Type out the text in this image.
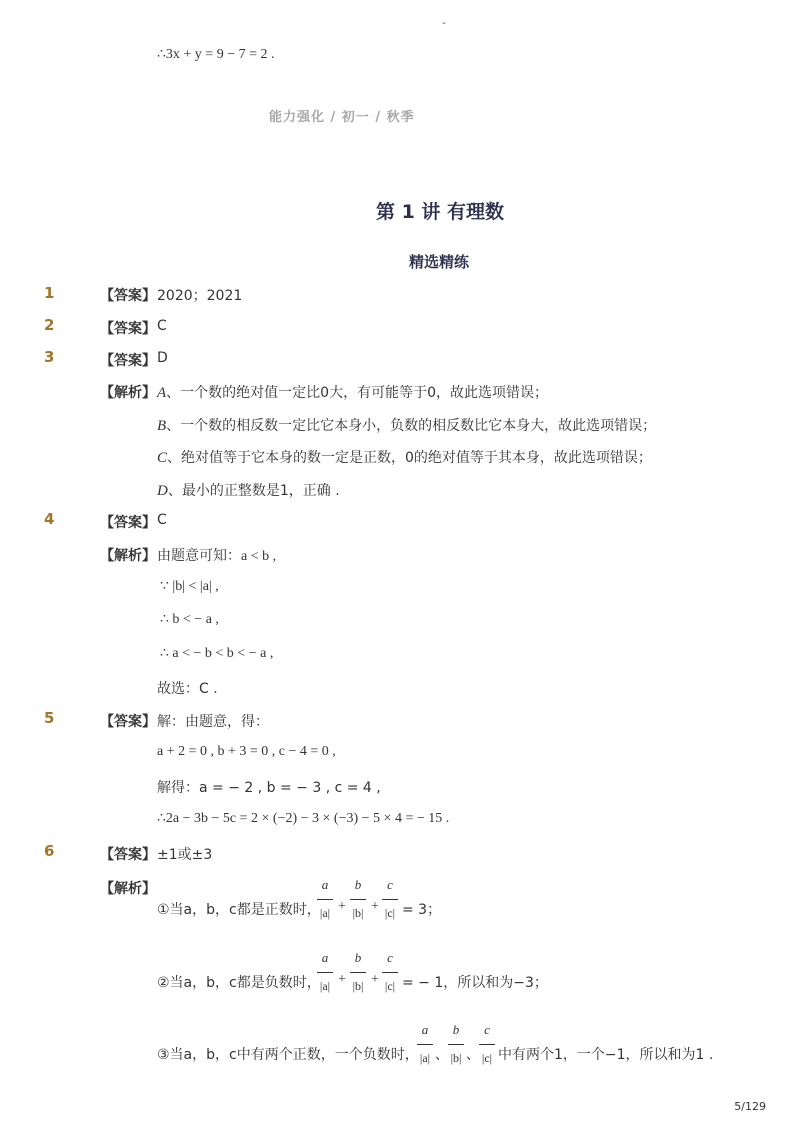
-
∴3x + y = 9 − 7 = 2 .
能力强化 / 初一 / 秋季
第 1 讲 有理数
精选精练
1	【答案】 2020；2021
2	【答案】 C
3	【答案】 D
【解析】 A、一个数的绝对值一定比0大，有可能等于0，故此选项错误；
B、一个数的相反数一定比它本身小，负数的相反数比它本身大，故此选项错误；
C、绝对值等于它本身的数一定是正数，0的绝对值等于其本身，故此选项错误；
D、最小的正整数是1，正确 .
4	【答案】 C
【解析】 由题意可知：a < b ,
∵ |b| < |a| ,
∴ b < − a ,
∴ a < − b < b < − a ,
故选：C .
5	【答案】 解：由题意，得：
a + 2 = 0 , b + 3 = 0 , c − 4 = 0 ,
解得：a = − 2 , b = − 3 , c = 4 ,
∴2a − 3b − 5c = 2 × (−2) − 3 × (−3) − 5 × 4 = − 15 .
6	【答案】 ±1或±3
【解析】
①当a，b，c都是正数时，
a
|a| +
b
|b| +
c
|c| = 3；
②当a，b，c都是负数时，
a
|a| +
b
|b| +
c
|c| = − 1，所以和为−3；
③当a，b，c中有两个正数，一个负数时，
a
|a| 、
b
|b| 、
c
|c| 中有两个1，一个−1，所以和为1 .
5/129
